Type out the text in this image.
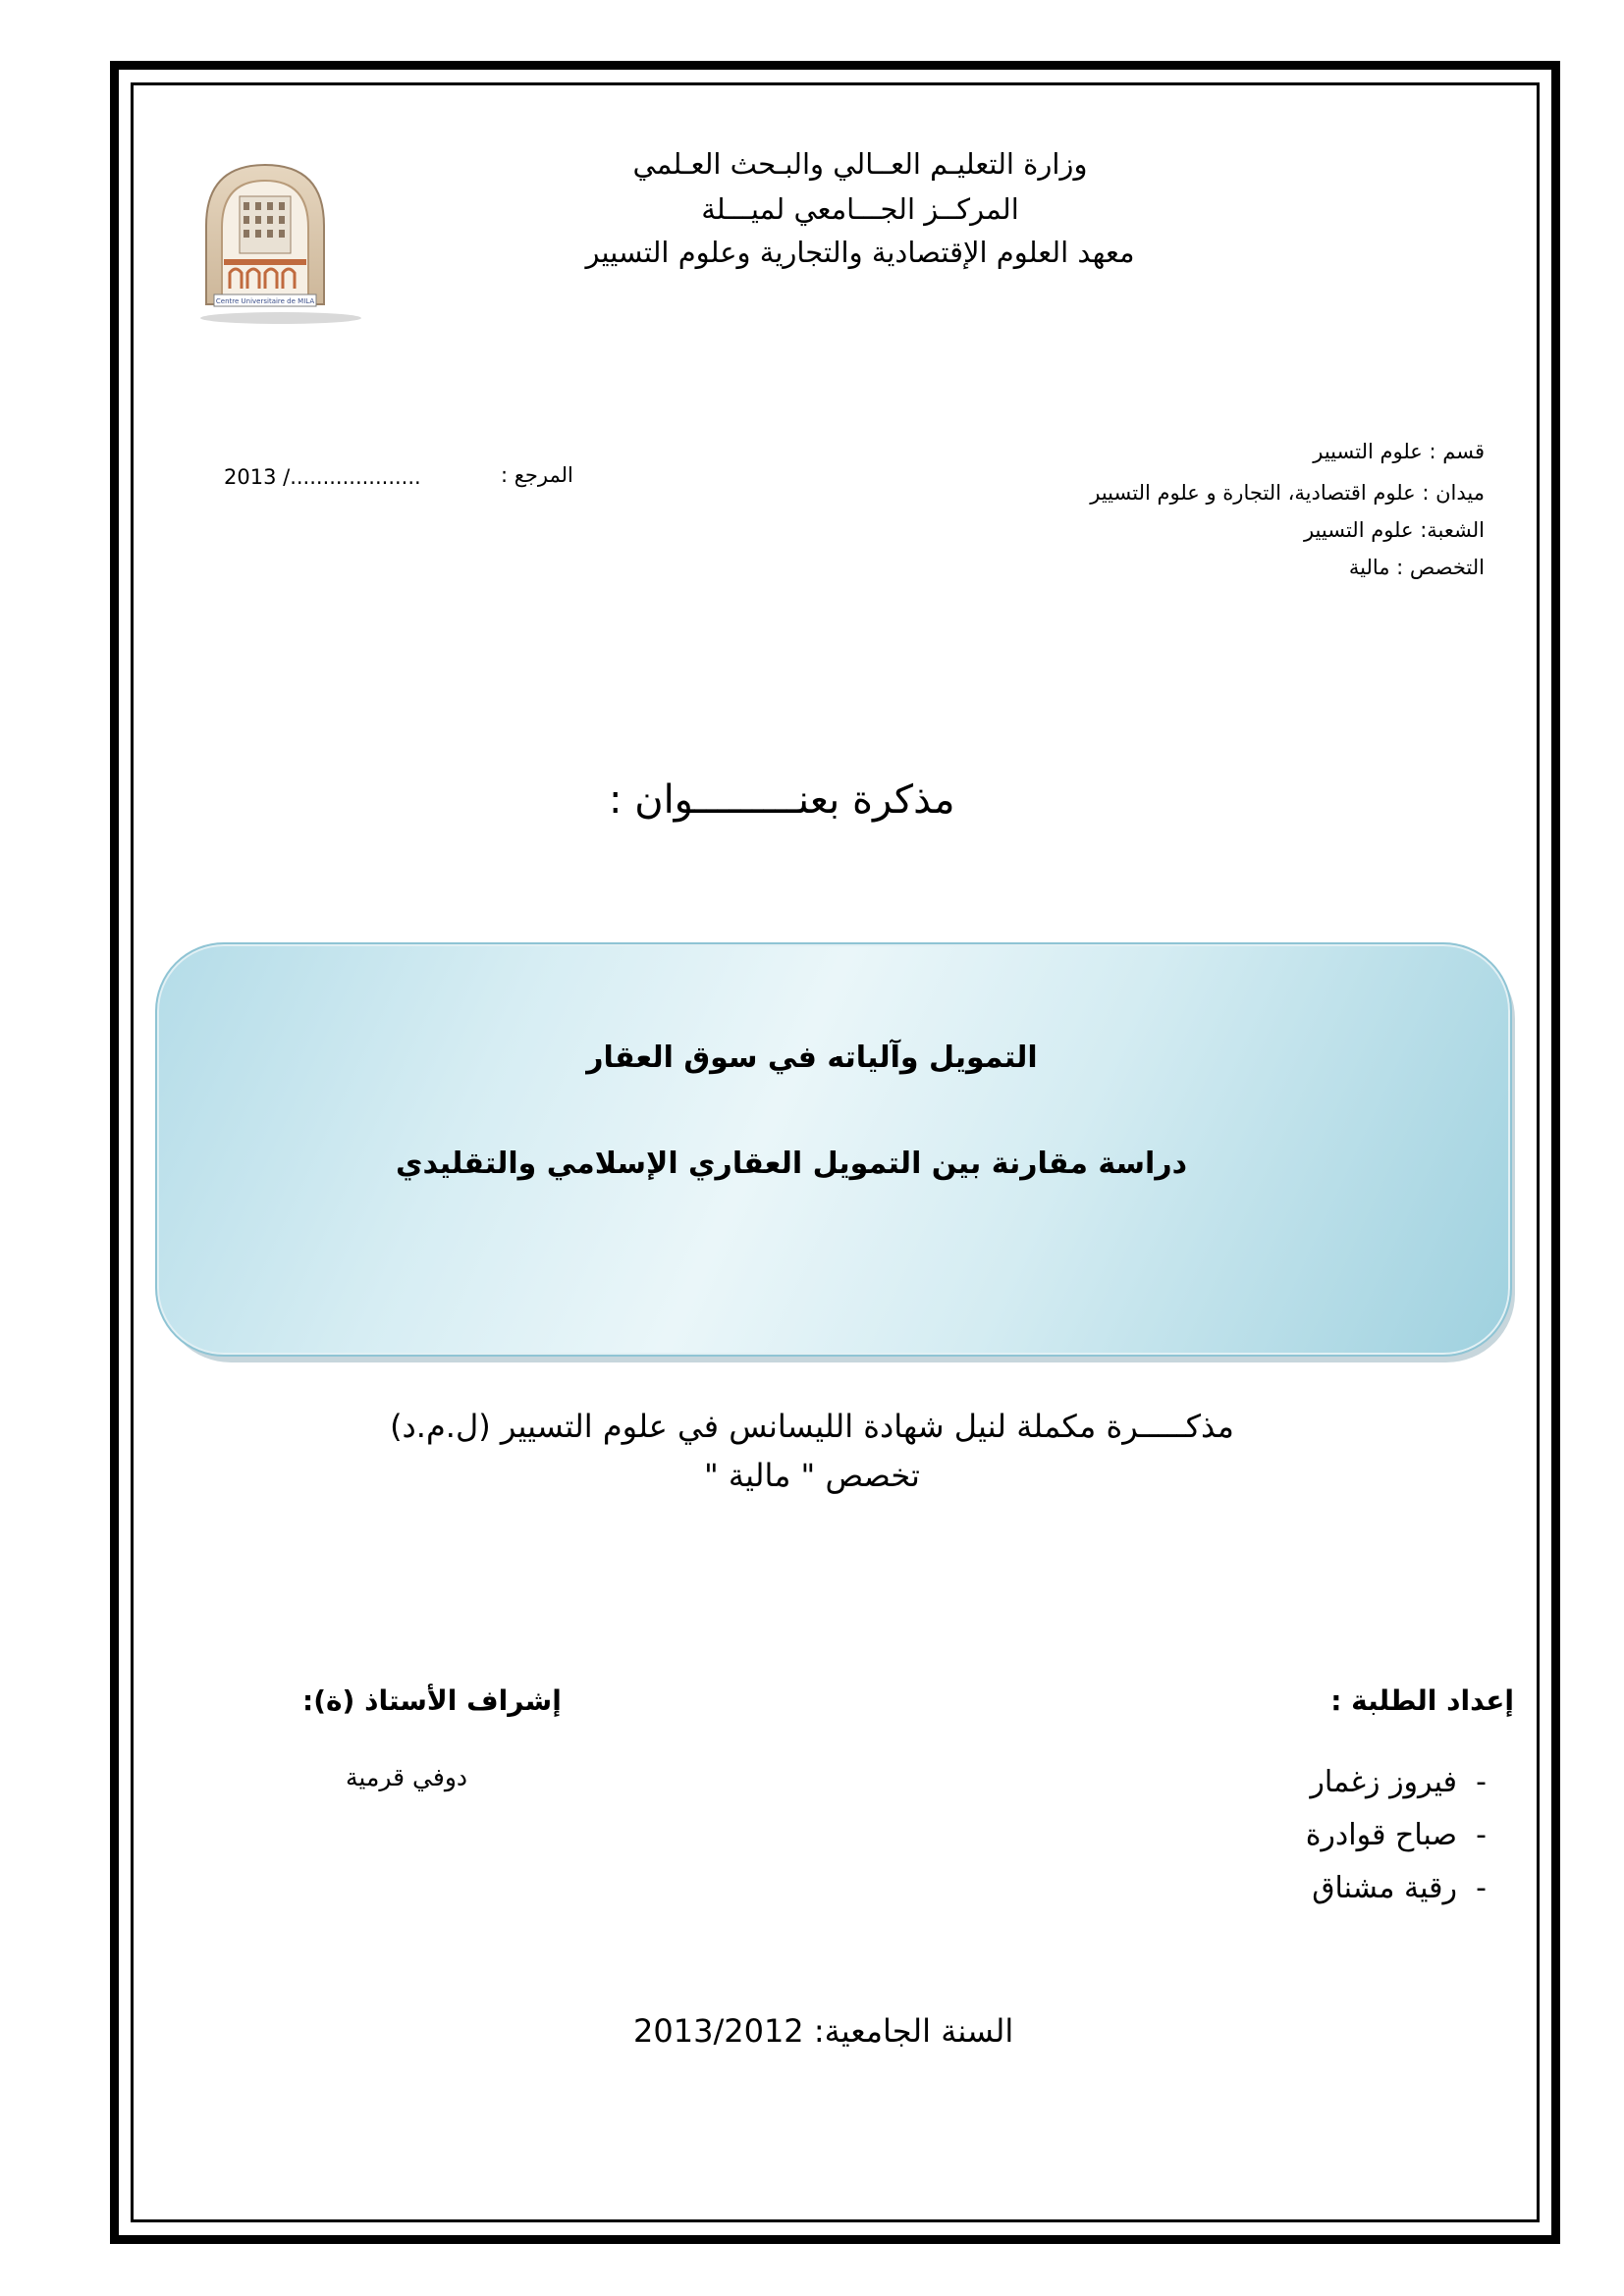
Centre Universitaire de MILA
وزارة التعليـم العــالي والبـحث العـلمي
المركــز الجـــامعي لميـــلة
معهد العلوم الإقتصادية والتجارية وعلوم التسيير
قسم : علوم التسيير
ميدان : علوم اقتصادية، التجارة و علوم التسيير
الشعبة: علوم التسيير
التخصص : مالية
المرجع :
2013 /....................
مذكرة بعنـــــــــوان :
التمويل وآلياته في سوق العقار
دراسة مقارنة بين التمويل العقاري الإسلامي والتقليدي
مذكـــــرة مكملة لنيل شهادة الليسانس في علوم التسيير (ل.م.د)
تخصص " مالية "
إعداد الطلبة :
فيروز زغمار
صباح قوادرة
رقية مشناق
-
-
-
إشراف الأستاذ (ة):
دوفي قرمية
السنة الجامعية: 2013/2012
